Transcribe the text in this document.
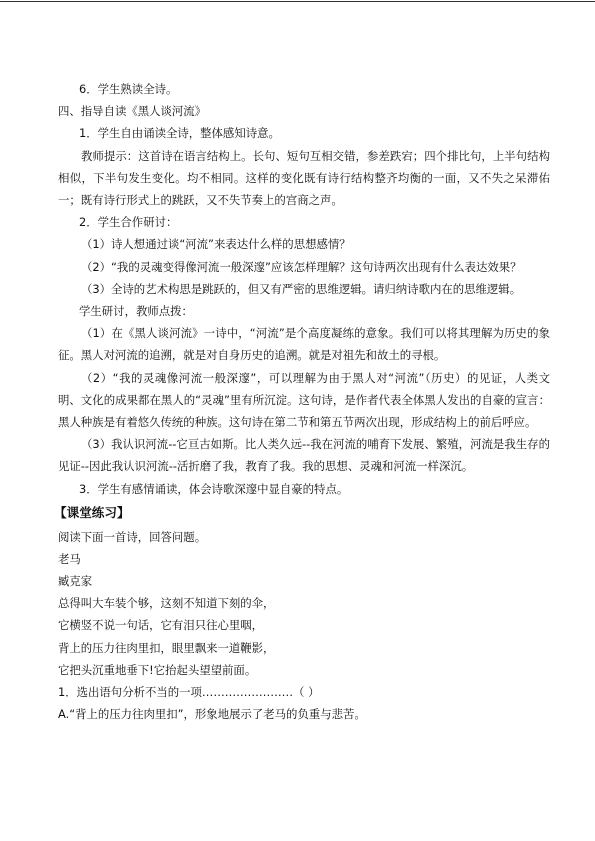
6．学生熟读全诗。
四、指导自读《黑人谈河流》
1．学生自由诵读全诗，整体感知诗意。
教师提示：这首诗在语言结构上。长句、短句互相交错，参差跌宕；四个排比句，上半句结构相似，下半句发生变化。均不相同。这样的变化既有诗行结构整齐均衡的一面，又不失之呆滞佑一；既有诗行形式上的跳跃，又不失节奏上的宫商之声。
2．学生合作研讨：
（1）诗人想通过谈“河流”来表达什么样的思想感情？
（2）“我的灵魂变得像河流一般深邃”应该怎样理解？这句诗两次出现有什么表达效果？
（3）全诗的艺术构思是跳跃的，但又有严密的思维逻辑。请归纳诗歌内在的思维逻辑。
学生研讨，教师点拨：
（1）在《黑人谈河流》一诗中，“河流”是个高度凝练的意象。我们可以将其理解为历史的象征。黑人对河流的追溯，就是对自身历史的追溯。就是对祖先和故土的寻根。
（2）“我的灵魂像河流一般深邃”，可以理解为由于黑人对“河流”（历史）的见证，人类文明、文化的成果都在黑人的“灵魂”里有所沉淀。这句诗，是作者代表全体黑人发出的自豪的宣言：黑人种族是有着悠久传统的种族。这句诗在第二节和第五节两次出现，形成结构上的前后呼应。
（3）我认识河流--它亘古如斯。比人类久远--我在河流的哺育下发展、繁殖，河流是我生存的见证--因此我认识河流--活折磨了我，教育了我。我的思想、灵魂和河流一样深沉。
3．学生有感情诵读，体会诗歌深邃中显自豪的特点。
【课堂练习】
阅读下面一首诗，回答问题。
老马
臧克家
总得叫大车装个够，这刻不知道下刻的伞，
它横竖不说一句话，它有泪只往心里咽，
背上的压力往肉里扣，眼里飘来一道鞭影，
它把头沉重地垂下!它抬起头望望前面。
1．选出语句分析不当的一项……………………（ ）
A.“背上的压力往肉里扣”，形象地展示了老马的负重与悲苦。
